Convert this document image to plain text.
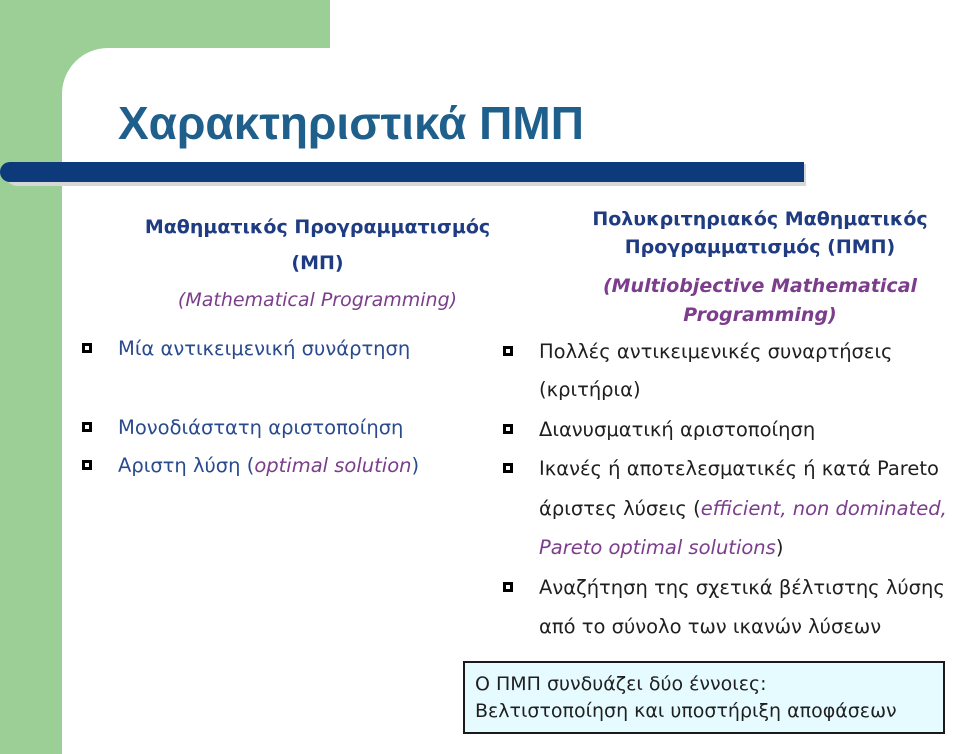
Χαρακτηριστικά ΠΜΠ
Μαθηματικός Προγραμματισμός
(ΜΠ)
(Mathematical Programming)
Μία αντικειμενική συνάρτηση
Μονοδιάστατη αριστοποίηση
Αριστη λύση (optimal solution)
Πολυκριτηριακός Μαθηματικός
Προγραμματισμός (ΠΜΠ)
(Multiobjective Mathematical
Programming)
Πολλές αντικειμενικές συναρτήσεις
(κριτήρια)
Διανυσματική αριστοποίηση
Ικανές ή αποτελεσματικές ή κατά Pareto
άριστες λύσεις (efficient, non dominated,
Pareto optimal solutions)
Αναζήτηση της σχετικά βέλτιστης λύσης
από το σύνολο των ικανών λύσεων
Ο ΠΜΠ συνδυάζει δύο έννοιες:
Βελτιστοποίηση και υποστήριξη αποφάσεων
